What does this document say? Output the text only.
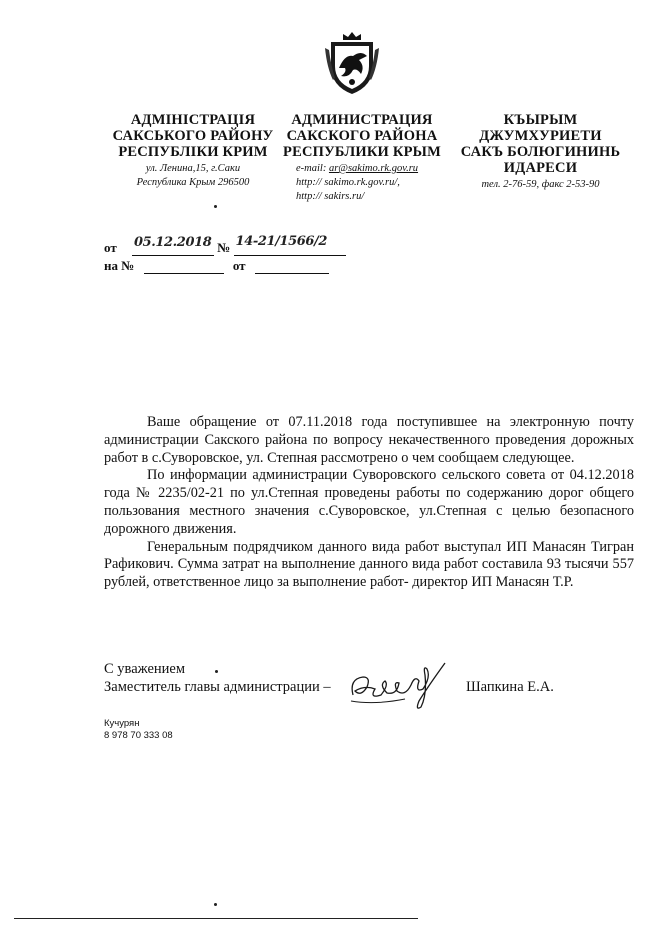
АДМІНІСТРАЦІЯ
САКСЬКОГО РАЙОНУ
РЕСПУБЛІКИ КРИМ
ул. Ленина,15, г.Саки
Республика Крым 296500
АДМИНИСТРАЦИЯ
САКСКОГО РАЙОНА
РЕСПУБЛИКИ КРЫМ
e-mail: ar@sakimo.rk.gov.ru
http:// sakimo.rk.gov.ru/,
http:// sakirs.ru/
КЪЫРЫМ ДЖУМХУРИЕТИ
САКЪ БОЛЮГИНИНЬ
ИДАРЕСИ
тел. 2-76-59, факс 2-53-90
от 05.12.2018 № 14-21/1566/2
на №	от

Ваше обращение от 07.11.2018 года поступившее на электронную почту администрации Сакского района по вопросу некачественного проведения дорожных работ в с.Суворовское, ул. Степная рассмотрено о чем сообщаем следующее.

По информации администрации Суворовского сельского совета от 04.12.2018 года № 2235/02-21 по ул.Степная проведены работы по содержанию дорог общего пользования местного значения с.Суворовское, ул.Степная с целью безопасного дорожного движения.

Генеральным подрядчиком данного вида работ выступал ИП Манасян Тигран Рафикович. Сумма затрат на выполнение данного вида работ составила 93 тысячи 557 рублей, ответственное лицо за выполнение работ- директор ИП Манасян Т.Р.

С уважением
Заместитель главы администрации –	Шапкина Е.А.
Кучурян
8 978 70 333 08
